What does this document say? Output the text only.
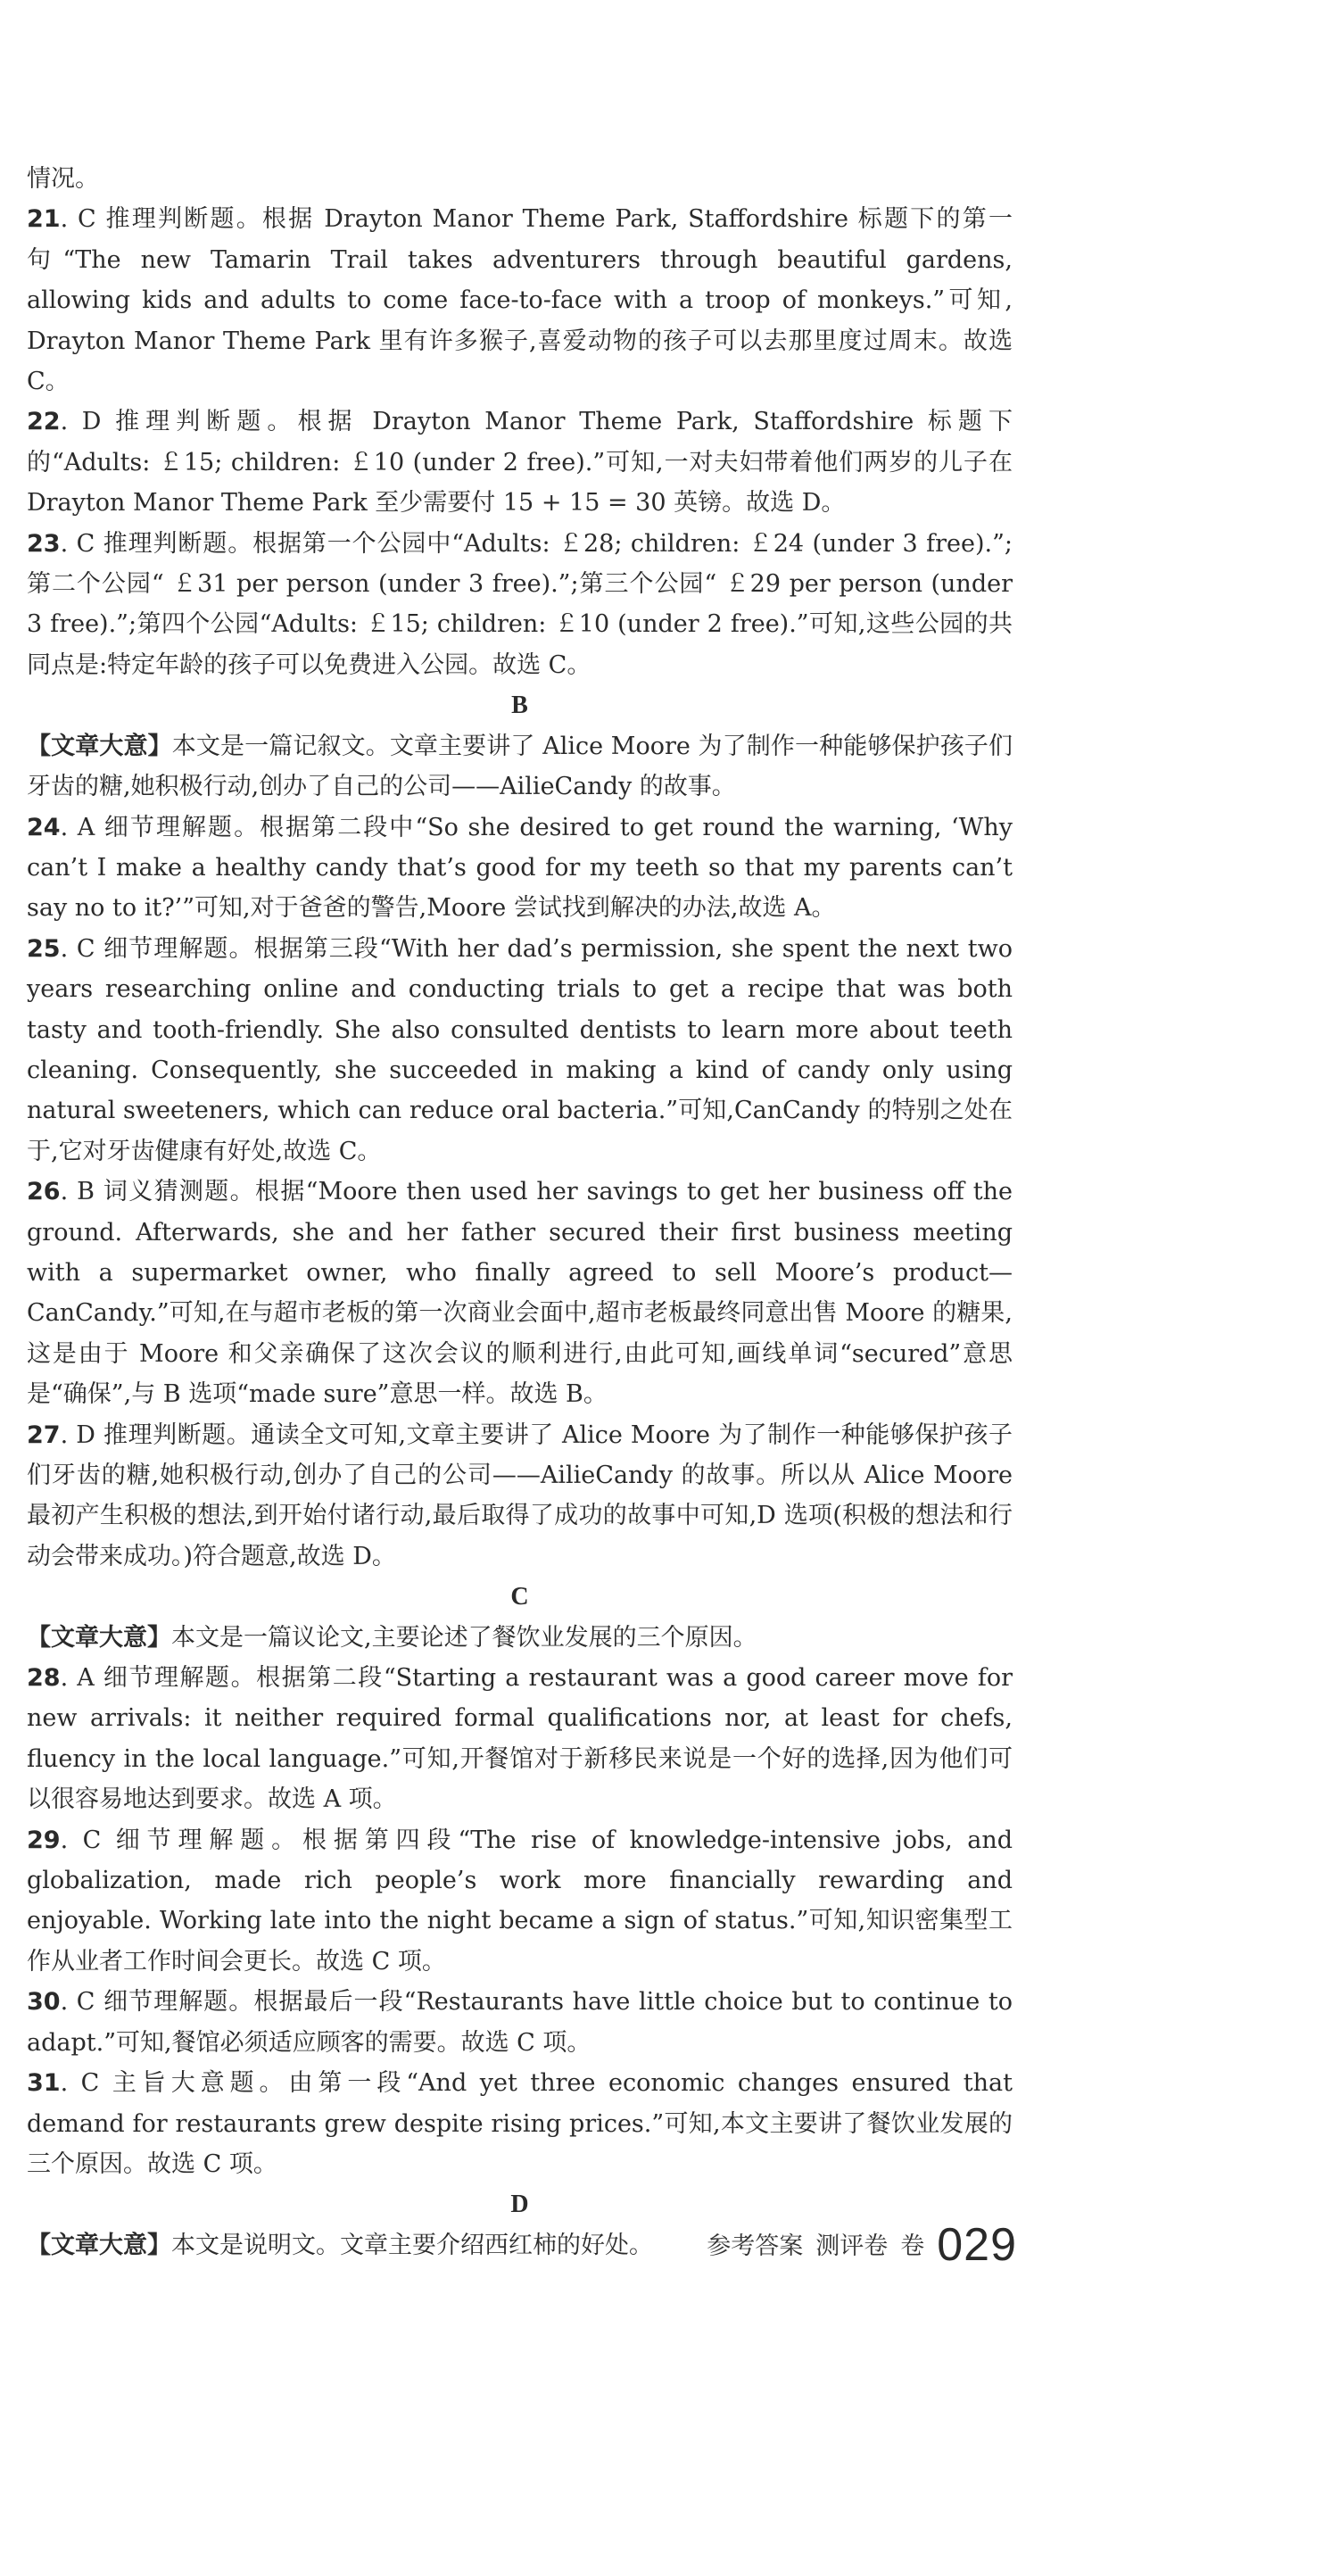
情况。

21. C 推理判断题。根据 Drayton Manor Theme Park, Staffordshire 标题下的第一句“The new Tamarin Trail takes adventurers through beautiful gardens, allowing kids and adults to come face-to-face with a troop of monkeys.”可知, Drayton Manor Theme Park 里有许多猴子,喜爱动物的孩子可以去那里度过周末。故选 C。

22. D 推理判断题。根据 Drayton Manor Theme Park, Staffordshire 标题下的“Adults: ￡15; children: ￡10 (under 2 free).”可知,一对夫妇带着他们两岁的儿子在 Drayton Manor Theme Park 至少需要付 15 + 15 = 30 英镑。故选 D。

23. C 推理判断题。根据第一个公园中“Adults: ￡28; children: ￡24 (under 3 free).”;第二个公园“ ￡31 per person (under 3 free).”;第三个公园“ ￡29 per person (under 3 free).”;第四个公园“Adults: ￡15; children: ￡10 (under 2 free).”可知,这些公园的共同点是:特定年龄的孩子可以免费进入公园。故选 C。

B

【文章大意】本文是一篇记叙文。文章主要讲了 Alice Moore 为了制作一种能够保护孩子们牙齿的糖,她积极行动,创办了自己的公司——AilieCandy 的故事。

24. A 细节理解题。根据第二段中“So she desired to get round the warning, ‘Why can’t I make a healthy candy that’s good for my teeth so that my parents can’t say no to it?’”可知,对于爸爸的警告,Moore 尝试找到解决的办法,故选 A。

25. C 细节理解题。根据第三段“With her dad’s permission, she spent the next two years researching online and conducting trials to get a recipe that was both tasty and tooth-friendly. She also consulted dentists to learn more about teeth cleaning. Consequently, she succeeded in making a kind of candy only using natural sweeteners, which can reduce oral bacteria.”可知,CanCandy 的特别之处在于,它对牙齿健康有好处,故选 C。

26. B 词义猜测题。根据“Moore then used her savings to get her business off the ground. Afterwards, she and her father secured their first business meeting with a supermarket owner, who finally agreed to sell Moore’s product—CanCandy.”可知,在与超市老板的第一次商业会面中,超市老板最终同意出售 Moore 的糖果,这是由于 Moore 和父亲确保了这次会议的顺利进行,由此可知,画线单词“secured”意思是“确保”,与 B 选项“made sure”意思一样。故选 B。

27. D 推理判断题。通读全文可知,文章主要讲了 Alice Moore 为了制作一种能够保护孩子们牙齿的糖,她积极行动,创办了自己的公司——AilieCandy 的故事。所以从 Alice Moore 最初产生积极的想法,到开始付诸行动,最后取得了成功的故事中可知,D 选项(积极的想法和行动会带来成功。)符合题意,故选 D。

C

【文章大意】本文是一篇议论文,主要论述了餐饮业发展的三个原因。

28. A 细节理解题。根据第二段“Starting a restaurant was a good career move for new arrivals: it neither required formal qualifications nor, at least for chefs, fluency in the local language.”可知,开餐馆对于新移民来说是一个好的选择,因为他们可以很容易地达到要求。故选 A 项。

29. C 细节理解题。根据第四段“The rise of knowledge-intensive jobs, and globalization, made rich people’s work more financially rewarding and enjoyable. Working late into the night became a sign of status.”可知,知识密集型工作从业者工作时间会更长。故选 C 项。

30. C 细节理解题。根据最后一段“Restaurants have little choice but to continue to adapt.”可知,餐馆必须适应顾客的需要。故选 C 项。

31. C 主旨大意题。由第一段“And yet three economic changes ensured that demand for restaurants grew despite rising prices.”可知,本文主要讲了餐饮业发展的三个原因。故选 C 项。

D

【文章大意】本文是说明文。文章主要介绍西红柿的好处。	参考答案 测评卷 卷 029
